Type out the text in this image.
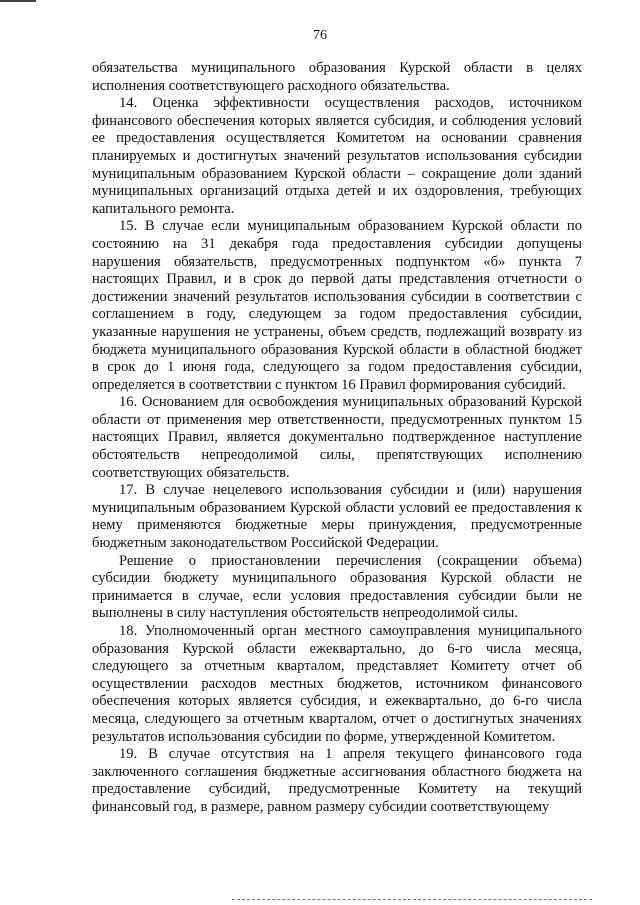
76

обязательства муниципального образования Курской области в целях исполнения соответствующего расходного обязательства.

14. Оценка эффективности осуществления расходов, источником финансового обеспечения которых является субсидия, и соблюдения условий ее предоставления осуществляется Комитетом на основании сравнения планируемых и достигнутых значений результатов использования субсидии муниципальным образованием Курской области – сокращение доли зданий муниципальных организаций отдыха детей и их оздоровления, требующих капитального ремонта.

15. В случае если муниципальным образованием Курской области по состоянию на 31 декабря года предоставления субсидии допущены нарушения обязательств, предусмотренных подпунктом «б» пункта 7 настоящих Правил, и в срок до первой даты представления отчетности о достижении значений результатов использования субсидии в соответствии с соглашением в году, следующем за годом предоставления субсидии, указанные нарушения не устранены, объем средств, подлежащий возврату из бюджета муниципального образования Курской области в областной бюджет в срок до 1 июня года, следующего за годом предоставления субсидии, определяется в соответствии с пунктом 16 Правил формирования субсидий.

16. Основанием для освобождения муниципальных образований Курской области от применения мер ответственности, предусмотренных пунктом 15 настоящих Правил, является документально подтвержденное наступление обстоятельств непреодолимой силы, препятствующих исполнению соответствующих обязательств.

17. В случае нецелевого использования субсидии и (или) нарушения муниципальным образованием Курской области условий ее предоставления к нему применяются бюджетные меры принуждения, предусмотренные бюджетным законодательством Российской Федерации.

Решение о приостановлении перечисления (сокращении объема) субсидии бюджету муниципального образования Курской области не принимается в случае, если условия предоставления субсидии были не выполнены в силу наступления обстоятельств непреодолимой силы.

18. Уполномоченный орган местного самоуправления муниципального образования Курской области ежеквартально, до 6-го числа месяца, следующего за отчетным кварталом, представляет Комитету отчет об осуществлении расходов местных бюджетов, источником финансового обеспечения которых является субсидия, и ежеквартально, до 6-го числа месяца, следующего за отчетным кварталом, отчет о достигнутых значениях результатов использования субсидии по форме, утвержденной Комитетом.

19. В случае отсутствия на 1 апреля текущего финансового года заключенного соглашения бюджетные ассигнования областного бюджета на предоставление субсидий, предусмотренные Комитету на текущий финансовый год, в размере, равном размеру субсидии соответствующему
